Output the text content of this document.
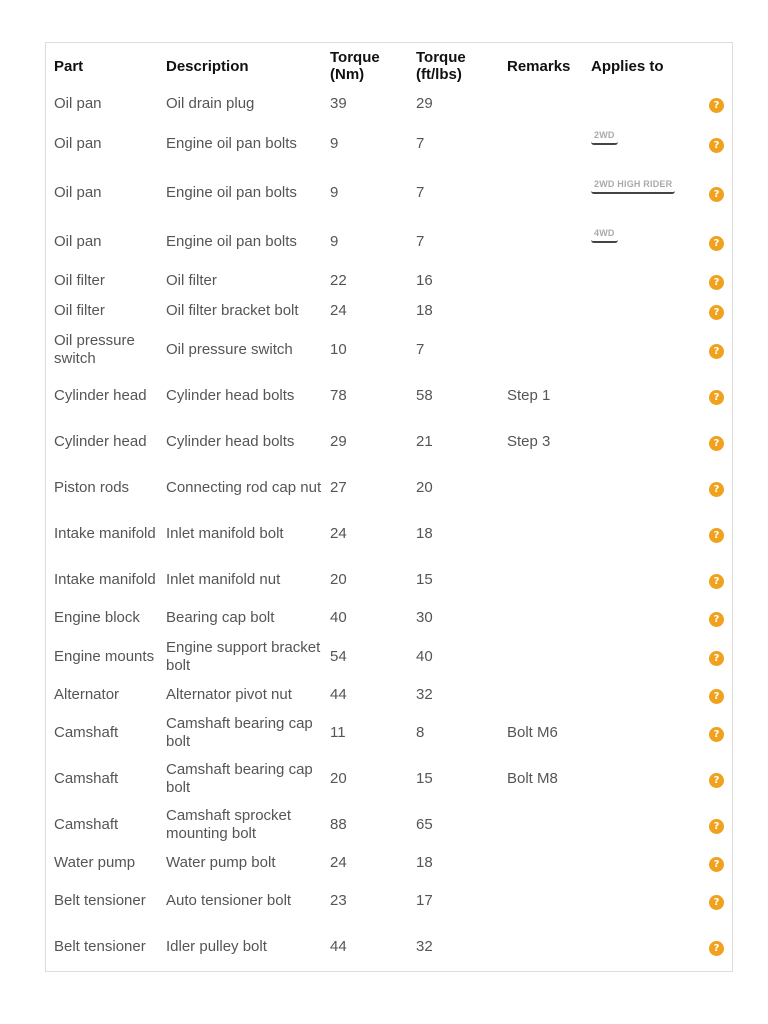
Part	Description	Torque (Nm)	Torque (ft/lbs)	Remarks	Applies to	
Oil pan	Oil drain plug	39	29			?
Oil pan	Engine oil pan bolts	9	7		2WD	?
Oil pan	Engine oil pan bolts	9	7		2WD HIGH RIDER	?
Oil pan	Engine oil pan bolts	9	7		4WD	?
Oil filter	Oil filter	22	16			?
Oil filter	Oil filter bracket bolt	24	18			?
Oil pressure switch	Oil pressure switch	10	7			?
Cylinder head	Cylinder head bolts	78	58	Step 1		?
Cylinder head	Cylinder head bolts	29	21	Step 3		?
Piston rods	Connecting rod cap nut	27	20			?
Intake manifold	Inlet manifold bolt	24	18			?
Intake manifold	Inlet manifold nut	20	15			?
Engine block	Bearing cap bolt	40	30			?
Engine mounts	Engine support bracket bolt	54	40			?
Alternator	Alternator pivot nut	44	32			?
Camshaft	Camshaft bearing cap bolt	11	8	Bolt M6		?
Camshaft	Camshaft bearing cap bolt	20	15	Bolt M8		?
Camshaft	Camshaft sprocket mounting bolt	88	65			?
Water pump	Water pump bolt	24	18			?
Belt tensioner	Auto tensioner bolt	23	17			?
Belt tensioner	Idler pulley bolt	44	32			?
